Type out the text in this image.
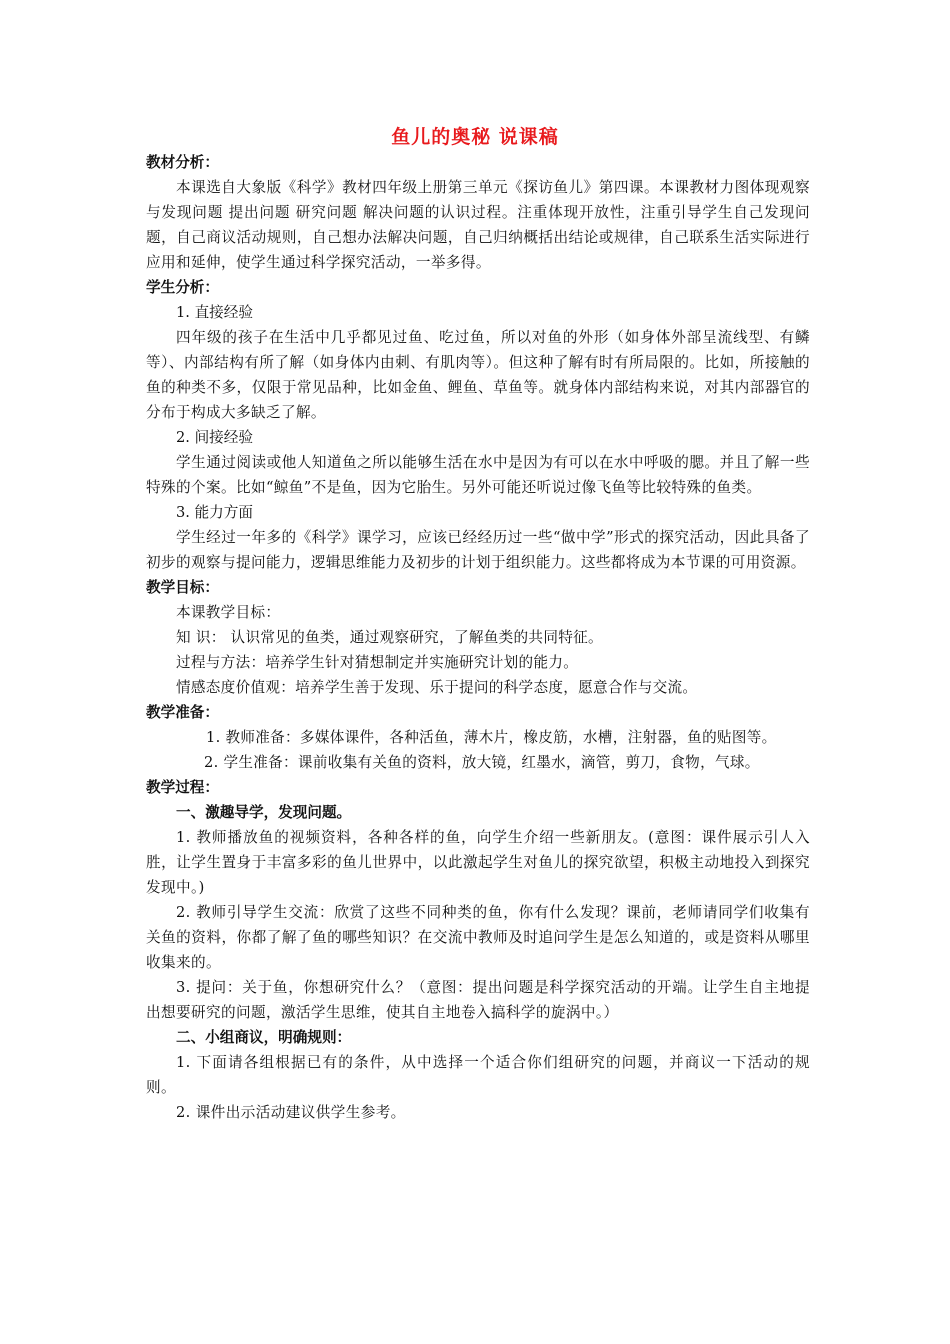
鱼儿的奥秘 说课稿

教材分析：

本课选自大象版《科学》教材四年级上册第三单元《探访鱼儿》第四课。本课教材力图体现观察与发现问题 提出问题 研究问题 解决问题的认识过程。注重体现开放性，注重引导学生自己发现问题，自己商议活动规则，自己想办法解决问题，自己归纳概括出结论或规律，自己联系生活实际进行应用和延伸，使学生通过科学探究活动，一举多得。

学生分析：

1. 直接经验

四年级的孩子在生活中几乎都见过鱼、吃过鱼，所以对鱼的外形（如身体外部呈流线型、有鳞等）、内部结构有所了解（如身体内由刺、有肌肉等）。但这种了解有时有所局限的。比如，所接触的鱼的种类不多，仅限于常见品种，比如金鱼、鲤鱼、草鱼等。就身体内部结构来说，对其内部器官的分布于构成大多缺乏了解。

2. 间接经验

学生通过阅读或他人知道鱼之所以能够生活在水中是因为有可以在水中呼吸的腮。并且了解一些特殊的个案。比如“鲸鱼”不是鱼，因为它胎生。另外可能还听说过像飞鱼等比较特殊的鱼类。

3. 能力方面

学生经过一年多的《科学》课学习，应该已经经历过一些“做中学”形式的探究活动，因此具备了初步的观察与提问能力，逻辑思维能力及初步的计划于组织能力。这些都将成为本节课的可用资源。

教学目标：

本课教学目标：

知 识： 认识常见的鱼类，通过观察研究，了解鱼类的共同特征。

过程与方法：培养学生针对猜想制定并实施研究计划的能力。

情感态度价值观：培养学生善于发现、乐于提问的科学态度，愿意合作与交流。

教学准备：

1. 教师准备：多媒体课件，各种活鱼，薄木片，橡皮筋，水槽，注射器，鱼的贴图等。

2. 学生准备：课前收集有关鱼的资料，放大镜，红墨水，滴管，剪刀，食物，气球。

教学过程：

一、激趣导学，发现问题。

1. 教师播放鱼的视频资料，各种各样的鱼，向学生介绍一些新朋友。(意图：课件展示引人入胜，让学生置身于丰富多彩的鱼儿世界中，以此激起学生对鱼儿的探究欲望，积极主动地投入到探究发现中。)

2. 教师引导学生交流：欣赏了这些不同种类的鱼，你有什么发现？课前，老师请同学们收集有关鱼的资料，你都了解了鱼的哪些知识？在交流中教师及时追问学生是怎么知道的，或是资料从哪里收集来的。

3. 提问：关于鱼，你想研究什么？（意图：提出问题是科学探究活动的开端。让学生自主地提出想要研究的问题，激活学生思维，使其自主地卷入搞科学的旋涡中。）

二、小组商议，明确规则：

1. 下面请各组根据已有的条件，从中选择一个适合你们组研究的问题，并商议一下活动的规则。

2. 课件出示活动建议供学生参考。
